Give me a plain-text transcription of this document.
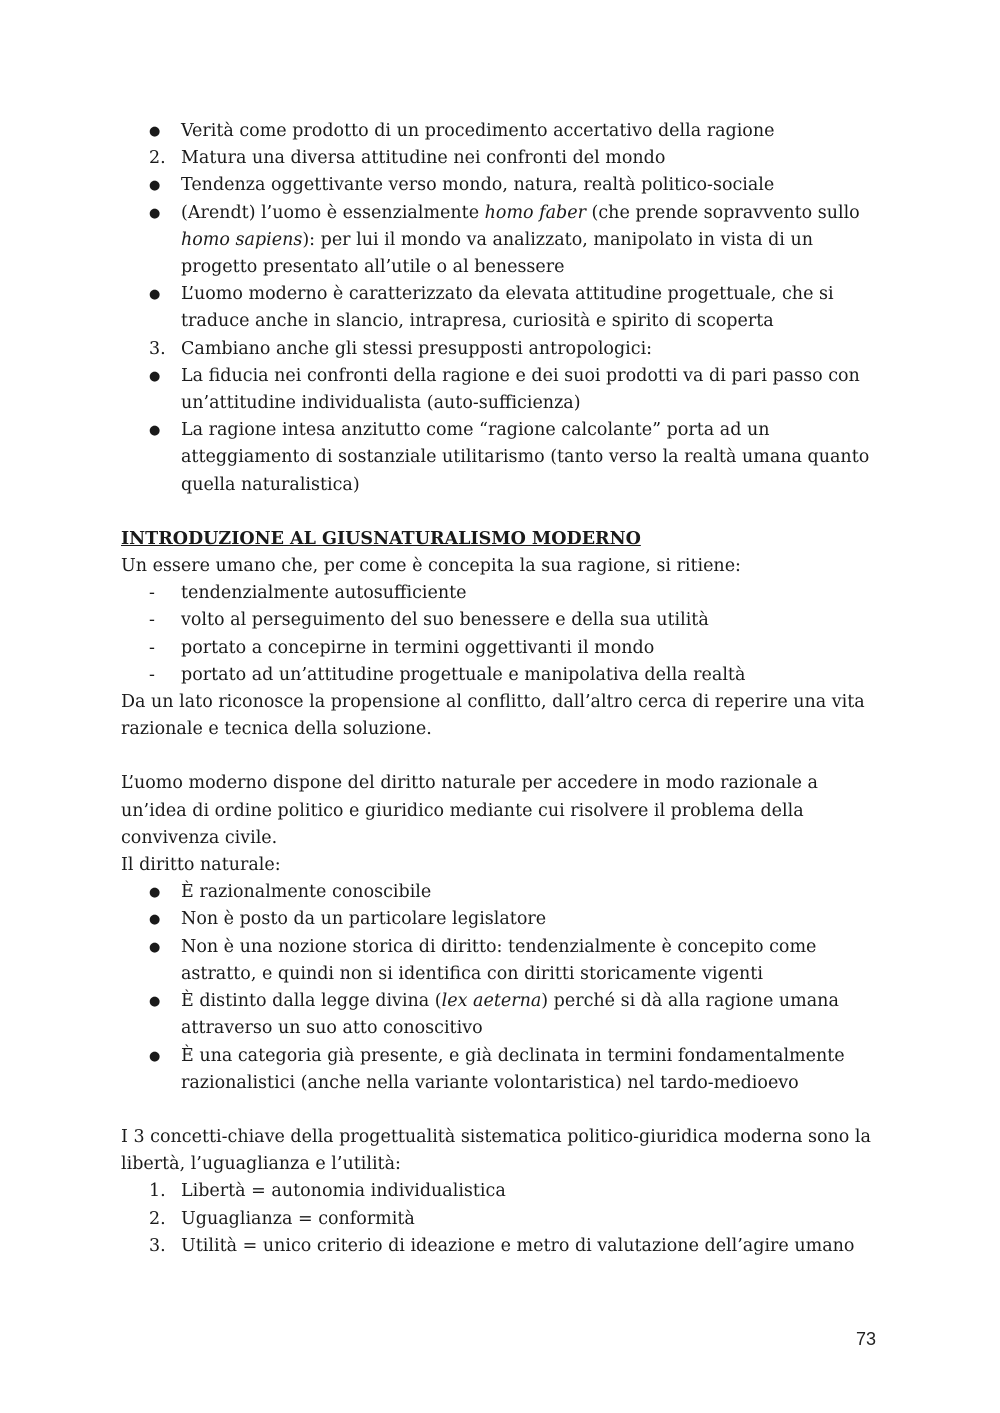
●	Verità come prodotto di un procedimento accertativo della ragione
2. Matura una diversa attitudine nei confronti del mondo
●	Tendenza oggettivante verso mondo, natura, realtà politico-sociale
●	(Arendt) l’uomo è essenzialmente homo faber (che prende sopravvento sullo homo sapiens): per lui il mondo va analizzato, manipolato in vista di un progetto presentato all’utile o al benessere
●	L’uomo moderno è caratterizzato da elevata attitudine progettuale, che si traduce anche in slancio, intrapresa, curiosità e spirito di scoperta
3. Cambiano anche gli stessi presupposti antropologici:
●	La fiducia nei confronti della ragione e dei suoi prodotti va di pari passo con un’attitudine individualista (auto-sufficienza)
●	La ragione intesa anzitutto come “ragione calcolante” porta ad un atteggiamento di sostanziale utilitarismo (tanto verso la realtà umana quanto quella naturalistica)
INTRODUZIONE AL GIUSNATURALISMO MODERNO
Un essere umano che, per come è concepita la sua ragione, si ritiene:
-	tendenzialmente autosufficiente
-	volto al perseguimento del suo benessere e della sua utilità
-	portato a concepirne in termini oggettivanti il mondo
-	portato ad un’attitudine progettuale e manipolativa della realtà
Da un lato riconosce la propensione al conflitto, dall’altro cerca di reperire una vita razionale e tecnica della soluzione.
L’uomo moderno dispone del diritto naturale per accedere in modo razionale a un’idea di ordine politico e giuridico mediante cui risolvere il problema della convivenza civile.
Il diritto naturale:
●	È razionalmente conoscibile
●	Non è posto da un particolare legislatore
●	Non è una nozione storica di diritto: tendenzialmente è concepito come astratto, e quindi non si identifica con diritti storicamente vigenti
●	È distinto dalla legge divina (lex aeterna) perché si dà alla ragione umana attraverso un suo atto conoscitivo
●	È una categoria già presente, e già declinata in termini fondamentalmente razionalistici (anche nella variante volontaristica) nel tardo-medioevo
I 3 concetti-chiave della progettualità sistematica politico-giuridica moderna sono la libertà, l’uguaglianza e l’utilità:
1. Libertà = autonomia individualistica
2. Uguaglianza = conformità
3. Utilità = unico criterio di ideazione e metro di valutazione dell’agire umano
73
